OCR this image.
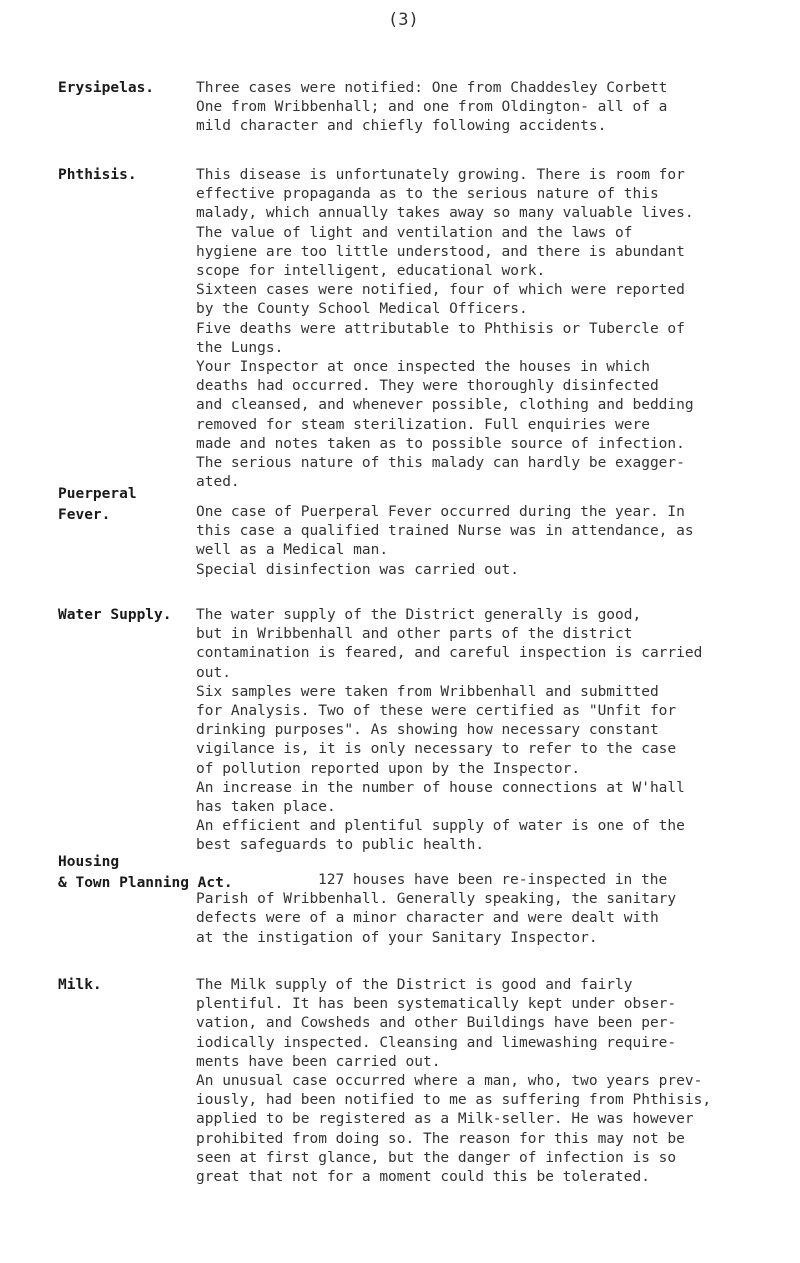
(3)
Erysipelas.	Three cases were notified: One from Chaddesley Corbett

One from Wribbenhall; and one from Oldington- all of a

mild character and chiefly following accidents.

Phthisis.	This disease is unfortunately growing. There is room for

effective propaganda as to the serious nature of this

malady, which annually takes away so many valuable lives.

The value of light and ventilation and the laws of

hygiene are too little understood, and there is abundant

scope for intelligent, educational work.

Sixteen cases were notified, four of which were reported

by the County School Medical Officers.

Five deaths were attributable to Phthisis or Tubercle of

the Lungs.

Your Inspector at once inspected the houses in which

deaths had occurred. They were thoroughly disinfected

and cleansed, and whenever possible, clothing and bedding

removed for steam sterilization. Full enquiries were

made and notes taken as to possible source of infection.

The serious nature of this malady can hardly be exagger-

ated.

Puerperal
Fever.	One case of Puerperal Fever occurred during the year. In

this case a qualified trained Nurse was in attendance, as

well as a Medical man.

Special disinfection was carried out.

Water Supply. The water supply of the District generally is good,

but in Wribbenhall and other parts of the district

contamination is feared, and careful inspection is carried

out.

Six samples were taken from Wribbenhall and submitted

for Analysis. Two of these were certified as "Unfit for

drinking purposes". As showing how necessary constant

vigilance is, it is only necessary to refer to the case

of pollution reported upon by the Inspector.

An increase in the number of house connections at W'hall

has taken place.

An efficient and plentiful supply of water is one of the

best safeguards to public health.

Housing
& Town Planning Act.	127 houses have been re-inspected in the

Parish of Wribbenhall. Generally speaking, the sanitary

defects were of a minor character and were dealt with

at the instigation of your Sanitary Inspector.

Milk.	The Milk supply of the District is good and fairly

plentiful. It has been systematically kept under obser-

vation, and Cowsheds and other Buildings have been per-

iodically inspected. Cleansing and limewashing require-

ments have been carried out.

An unusual case occurred where a man, who, two years prev-

iously, had been notified to me as suffering from Phthisis,

applied to be registered as a Milk-seller. He was however

prohibited from doing so. The reason for this may not be

seen at first glance, but the danger of infection is so

great that not for a moment could this be tolerated.
